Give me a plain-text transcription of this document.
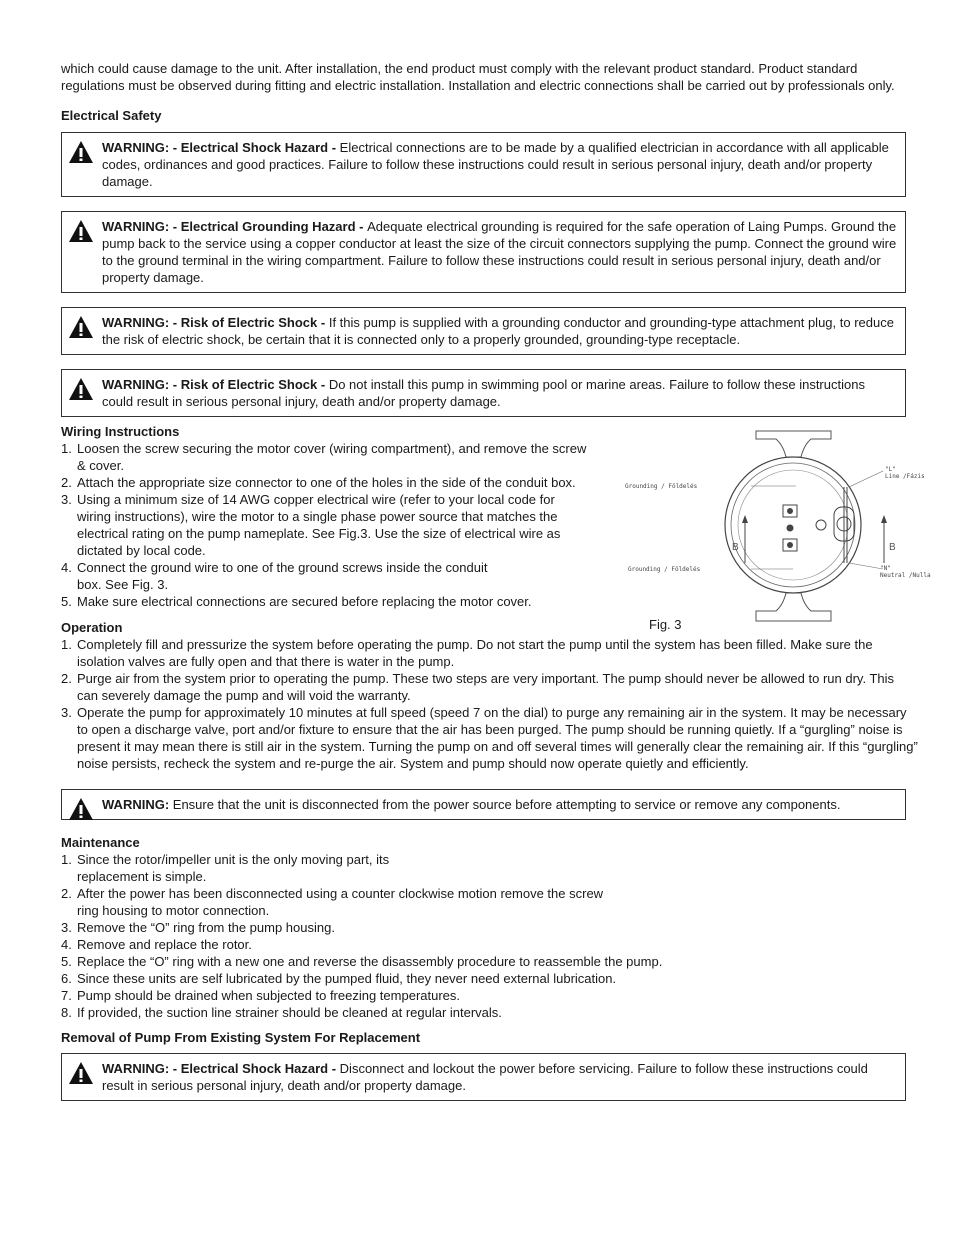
which could cause damage to the unit. After installation, the end product must comply with the relevant product standard. Product standard regulations must be observed during fitting and electric installation. Installation and electric connections shall be carried out by professionals only.

Electrical Safety

WARNING: - Electrical Shock Hazard - Electrical connections are to be made by a qualified electrician in accordance with all applicable codes, ordinances and good practices. Failure to follow these instructions could result in serious personal injury, death and/or property damage.
WARNING: - Electrical Grounding Hazard - Adequate electrical grounding is required for the safe operation of Laing Pumps. Ground the pump back to the service using a copper conductor at least the size of the circuit connectors supplying the pump. Connect the ground wire to the ground terminal in the wiring compartment. Failure to follow these instructions could result in serious personal injury, death and/or property damage.
WARNING: - Risk of Electric Shock - If this pump is supplied with a grounding conductor and grounding-type attachment plug, to reduce the risk of electric shock, be certain that it is connected only to a properly grounded, grounding-type receptacle.
WARNING: - Risk of Electric Shock - Do not install this pump in swimming pool or marine areas. Failure to follow these instructions could result in serious personal injury, death and/or property damage.

Wiring Instructions

1. Loosen the screw securing the motor cover (wiring compartment), and remove the screw & cover.
2. Attach the appropriate size connector to one of the holes in the side of the conduit box.
3. Using a minimum size of 14 AWG copper electrical wire (refer to your local code for wiring instructions), wire the motor to a single phase power source that matches the electrical rating on the pump nameplate. See Fig.3. Use the size of electrical wire as dictated by local code.
4. Connect the ground wire to one of the ground screws inside the conduit box. See Fig. 3.
5. Make sure electrical connections are secured before replacing the motor cover.
B	B
Grounding / Földelés
Grounding / Földelés
"L"
Line /Fázis
"N"
Neutral /Nulla
Fig. 3

Operation

1. Completely fill and pressurize the system before operating the pump. Do not start the pump until the system has been filled. Make sure the isolation valves are fully open and that there is water in the pump.
2. Purge air from the system prior to operating the pump. These two steps are very important. The pump should never be allowed to run dry. This can severely damage the pump and will void the warranty.
3. Operate the pump for approximately 10 minutes at full speed (speed 7 on the dial) to purge any remaining air in the system. It may be necessary to open a discharge valve, port and/or fixture to ensure that the air has been purged. The pump should be running quietly. If a “gurgling” noise is present it may mean there is still air in the system. Turning the pump on and off several times will generally clear the remaining air. If this “gurgling” noise persists, recheck the system and re-purge the air. System and pump should now operate quietly and efficiently.
WARNING: Ensure that the unit is disconnected from the power source before attempting to service or remove any components.

Maintenance

1. Since the rotor/impeller unit is the only moving part, its replacement is simple.
2. After the power has been disconnected using a counter clockwise motion remove the screw ring housing to motor connection.
3. Remove the “O” ring from the pump housing.
4. Remove and replace the rotor.
5. Replace the “O” ring with a new one and reverse the disassembly procedure to reassemble the pump.
6. Since these units are self lubricated by the pumped fluid, they never need external lubrication.
7. Pump should be drained when subjected to freezing temperatures.
8. If provided, the suction line strainer should be cleaned at regular intervals.

Removal of Pump From Existing System For Replacement

WARNING: - Electrical Shock Hazard - Disconnect and lockout the power before servicing. Failure to follow these instructions could result in serious personal injury, death and/or property damage.
